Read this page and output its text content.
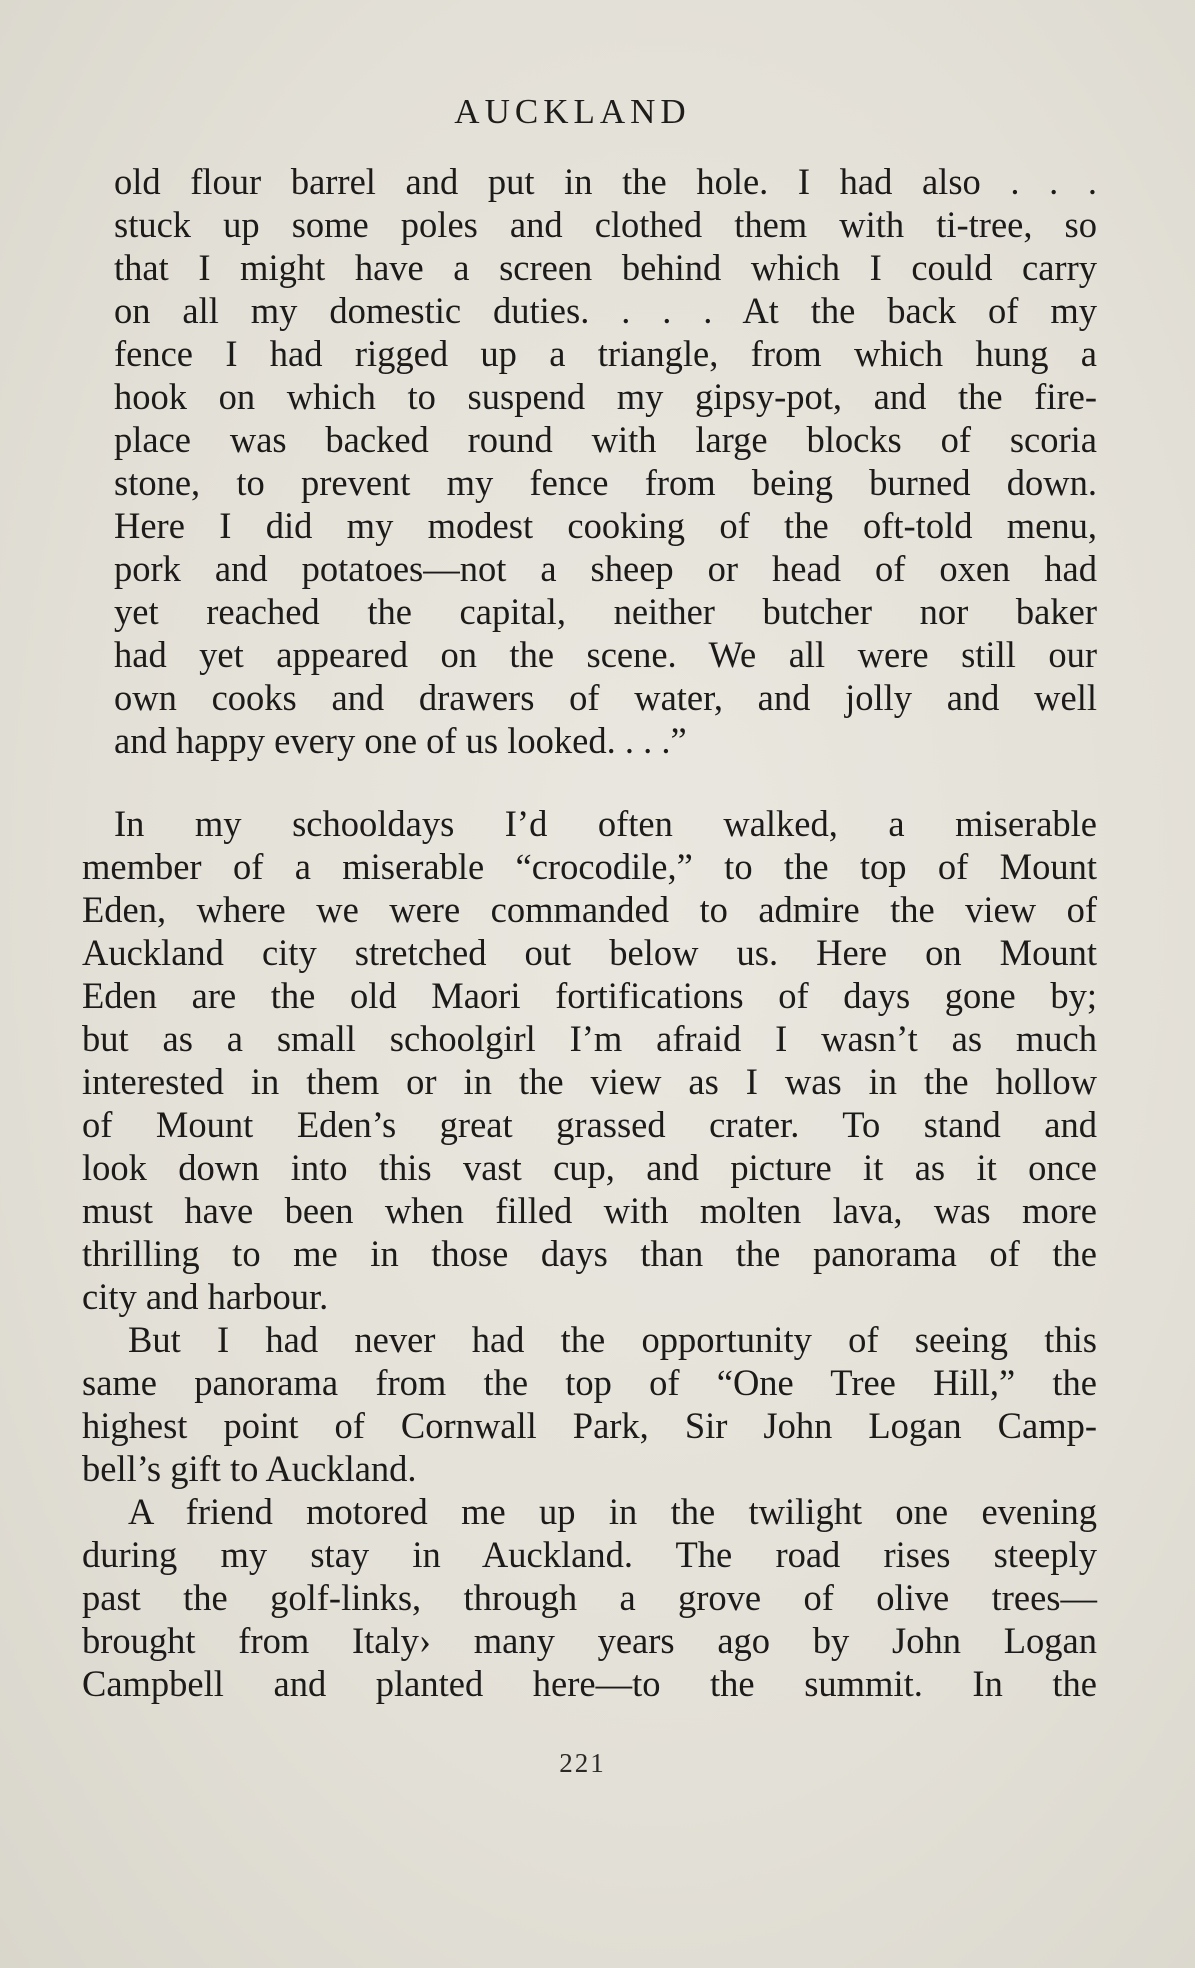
AUCKLAND
old flour barrel and put in the hole. I had also . . .
stuck up some poles and clothed them with ti-tree, so
that I might have a screen behind which I could carry
on all my domestic duties. . . . At the back of my
fence I had rigged up a triangle, from which hung a
hook on which to suspend my gipsy-pot, and the fire-
place was backed round with large blocks of scoria
stone, to prevent my fence from being burned down.
Here I did my modest cooking of the oft-told menu,
pork and potatoes—not a sheep or head of oxen had
yet reached the capital, neither butcher nor baker
had yet appeared on the scene. We all were still our
own cooks and drawers of water, and jolly and well
and happy every one of us looked. . . .”
In my schooldays I’d often walked, a miserable
member of a miserable “crocodile,” to the top of Mount
Eden, where we were commanded to admire the view of
Auckland city stretched out below us. Here on Mount
Eden are the old Maori fortifications of days gone by;
but as a small schoolgirl I’m afraid I wasn’t as much
interested in them or in the view as I was in the hollow
of Mount Eden’s great grassed crater. To stand and
look down into this vast cup, and picture it as it once
must have been when filled with molten lava, was more
thrilling to me in those days than the panorama of the
city and harbour.
But I had never had the opportunity of seeing this
same panorama from the top of “One Tree Hill,” the
highest point of Cornwall Park, Sir John Logan Camp-
bell’s gift to Auckland.
A friend motored me up in the twilight one evening
during my stay in Auckland. The road rises steeply
past the golf-links, through a grove of olive trees—
brought from Italy› many years ago by John Logan
Campbell and planted here—to the summit. In the
221
